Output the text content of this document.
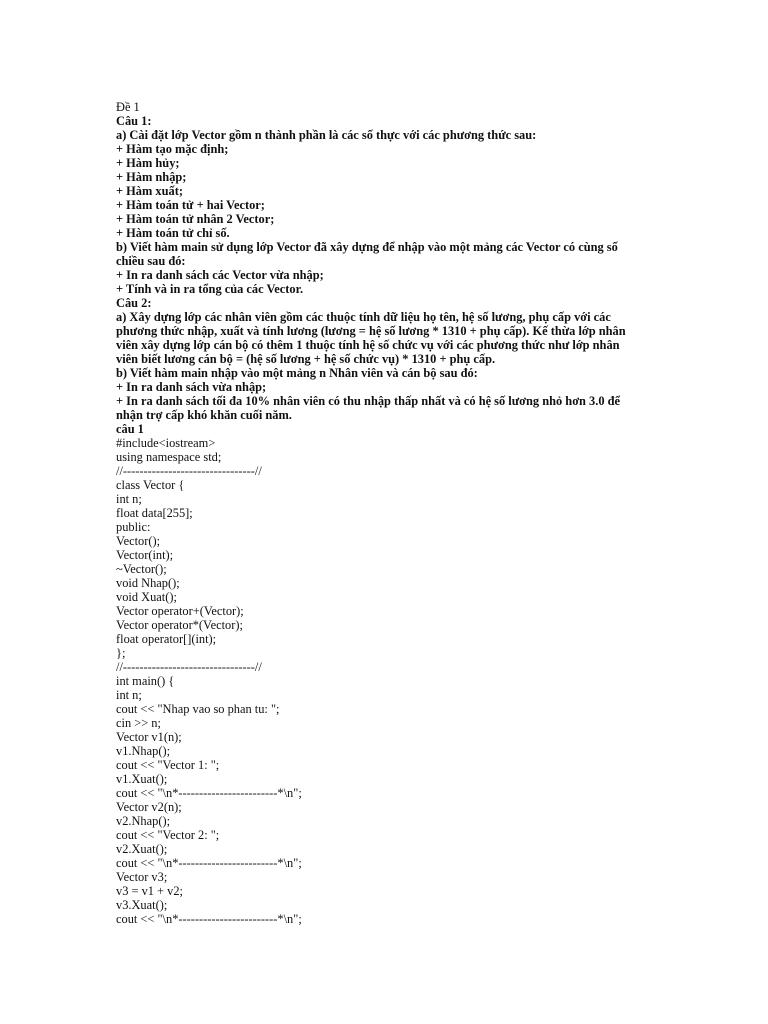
Đề 1
Câu 1:
a) Cài đặt lớp Vector gồm n thành phần là các số thực với các phương thức sau:
+ Hàm tạo mặc định;
+ Hàm hủy;
+ Hàm nhập;
+ Hàm xuất;
+ Hàm toán tử + hai Vector;
+ Hàm toán tử nhân 2 Vector;
+ Hàm toán tử chỉ số.
b) Viết hàm main sử dụng lớp Vector đã xây dựng để nhập vào một mảng các Vector có cùng số
chiều sau đó:
+ In ra danh sách các Vector vừa nhập;
+ Tính và in ra tổng của các Vector.
Câu 2:
a) Xây dựng lớp các nhân viên gồm các thuộc tính dữ liệu họ tên, hệ số lương, phụ cấp với các
phương thức nhập, xuất và tính lương (lương = hệ số lương * 1310 + phụ cấp). Kế thừa lớp nhân
viên xây dựng lớp cán bộ có thêm 1 thuộc tính hệ số chức vụ với các phương thức như lớp nhân
viên biết lương cán bộ = (hệ số lương + hệ số chức vụ) * 1310 + phụ cấp.
b) Viết hàm main nhập vào một mảng n Nhân viên và cán bộ sau đó:
+ In ra danh sách vừa nhập;
+ In ra danh sách tối đa 10% nhân viên có thu nhập thấp nhất và có hệ số lương nhỏ hơn 3.0 để
nhận trợ cấp khó khăn cuối năm.
câu 1
#include<iostream>
using namespace std;
//--------------------------------//
class Vector {
int n;
float data[255];
public:
Vector();
Vector(int);
~Vector();
void Nhap();
void Xuat();
Vector operator+(Vector);
Vector operator*(Vector);
float operator[](int);
};
//--------------------------------//
int main() {
int n;
cout << "Nhap vao so phan tu: ";
cin >> n;
Vector v1(n);
v1.Nhap();
cout << "Vector 1: ";
v1.Xuat();
cout << "\n*------------------------*\n";
Vector v2(n);
v2.Nhap();
cout << "Vector 2: ";
v2.Xuat();
cout << "\n*------------------------*\n";
Vector v3;
v3 = v1 + v2;
v3.Xuat();
cout << "\n*------------------------*\n";
